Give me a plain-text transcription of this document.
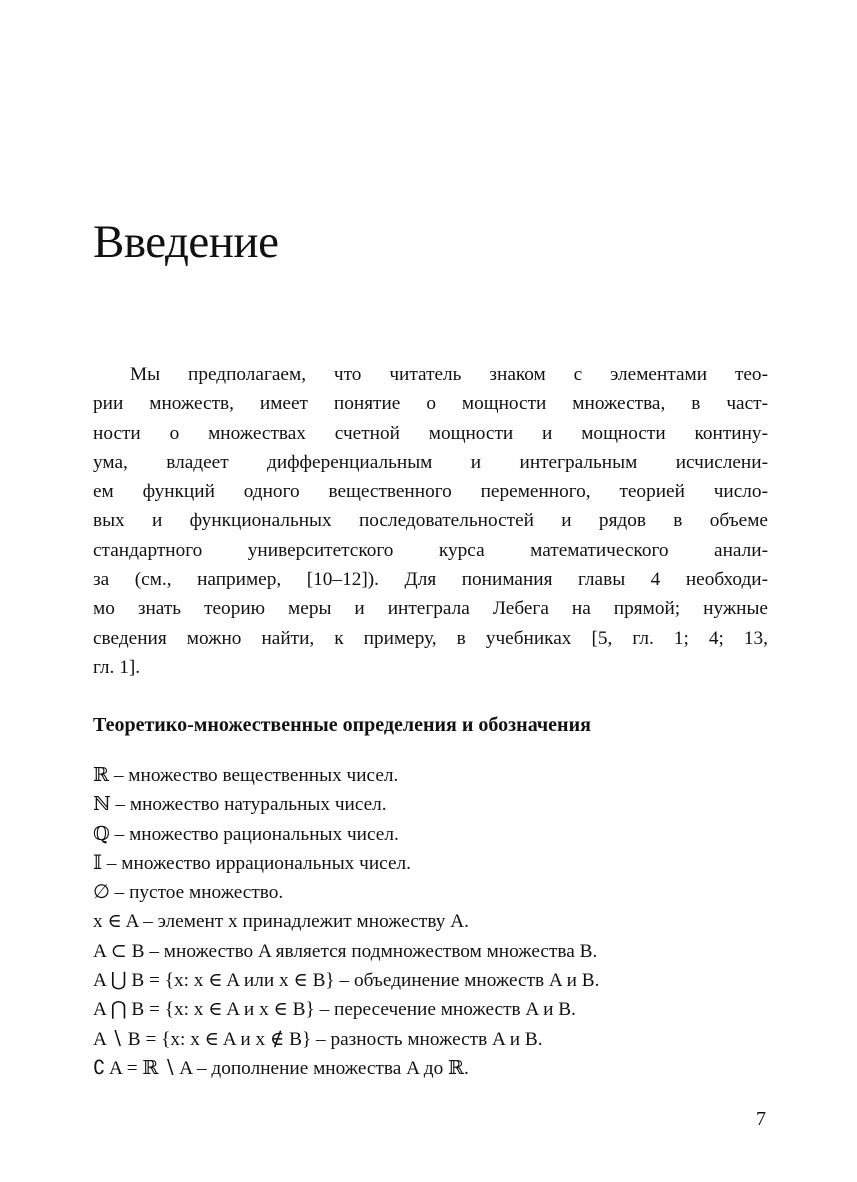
Введение
Мы предполагаем, что читатель знаком с элементами тео-
рии множеств, имеет понятие о мощности множества, в част-
ности о множествах счетной мощности и мощности контину-
ума, владеет дифференциальным и интегральным исчислени-
ем функций одного вещественного переменного, теорией число-
вых и функциональных последовательностей и рядов в объеме
стандартного университетского курса математического анали-
за (см., например, [10–12]). Для понимания главы 4 необходи-
мо знать теорию меры и интеграла Лебега на прямой; нужные
сведения можно найти, к примеру, в учебниках [5, гл. 1; 4; 13,
гл. 1].
Теоретико-множественные определения и обозначения
ℝ – множество вещественных чисел.
ℕ – множество натуральных чисел.
ℚ – множество рациональных чисел.
𝕀 – множество иррациональных чисел.
∅ – пустое множество.
x ∈ A – элемент x принадлежит множеству A.
A ⊂ B – множество A является подмножеством множества B.
A ⋃ B = {x: x ∈ A или x ∈ B} – объединение множеств A и B.
A ⋂ B = {x: x ∈ A и x ∈ B} – пересечение множеств A и B.
A ∖ B = {x: x ∈ A и x ∉ B} – разность множеств A и B.
∁ A = ℝ ∖ A – дополнение множества A до ℝ.
7
